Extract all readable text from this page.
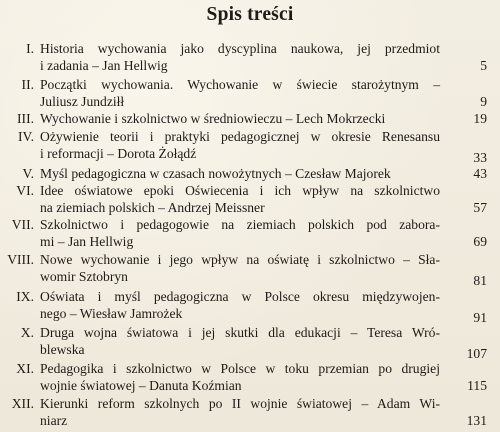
Spis treści
I. Historia wychowania jako dyscyplina naukowa, jej przedmiot
i zadania – Jan Hellwig	5
II. Początki wychowania. Wychowanie w świecie starożytnym –
Juliusz Jundziłł	9
III. Wychowanie i szkolnictwo w średniowieczu – Lech Mokrzecki	19
IV. Ożywienie teorii i praktyki pedagogicznej w okresie Renesansu
i reformacji – Dorota Żołądź	33
V. Myśl pedagogiczna w czasach nowożytnych – Czesław Majorek	43
VI. Idee oświatowe epoki Oświecenia i ich wpływ na szkolnictwo
na ziemiach polskich – Andrzej Meissner	57
VII. Szkolnictwo i pedagogowie na ziemiach polskich pod zabora-
mi – Jan Hellwig	69
VIII. Nowe wychowanie i jego wpływ na oświatę i szkolnictwo – Sła-
womir Sztobryn	81
IX. Oświata i myśl pedagogiczna w Polsce okresu międzywojen-
nego – Wiesław Jamrożek	91
X. Druga wojna światowa i jej skutki dla edukacji – Teresa Wró-
blewska	107
XI. Pedagogika i szkolnictwo w Polsce w toku przemian po drugiej
wojnie światowej – Danuta Koźmian	115
XII. Kierunki reform szkolnych po II wojnie światowej – Adam Wi-
niarz	131
